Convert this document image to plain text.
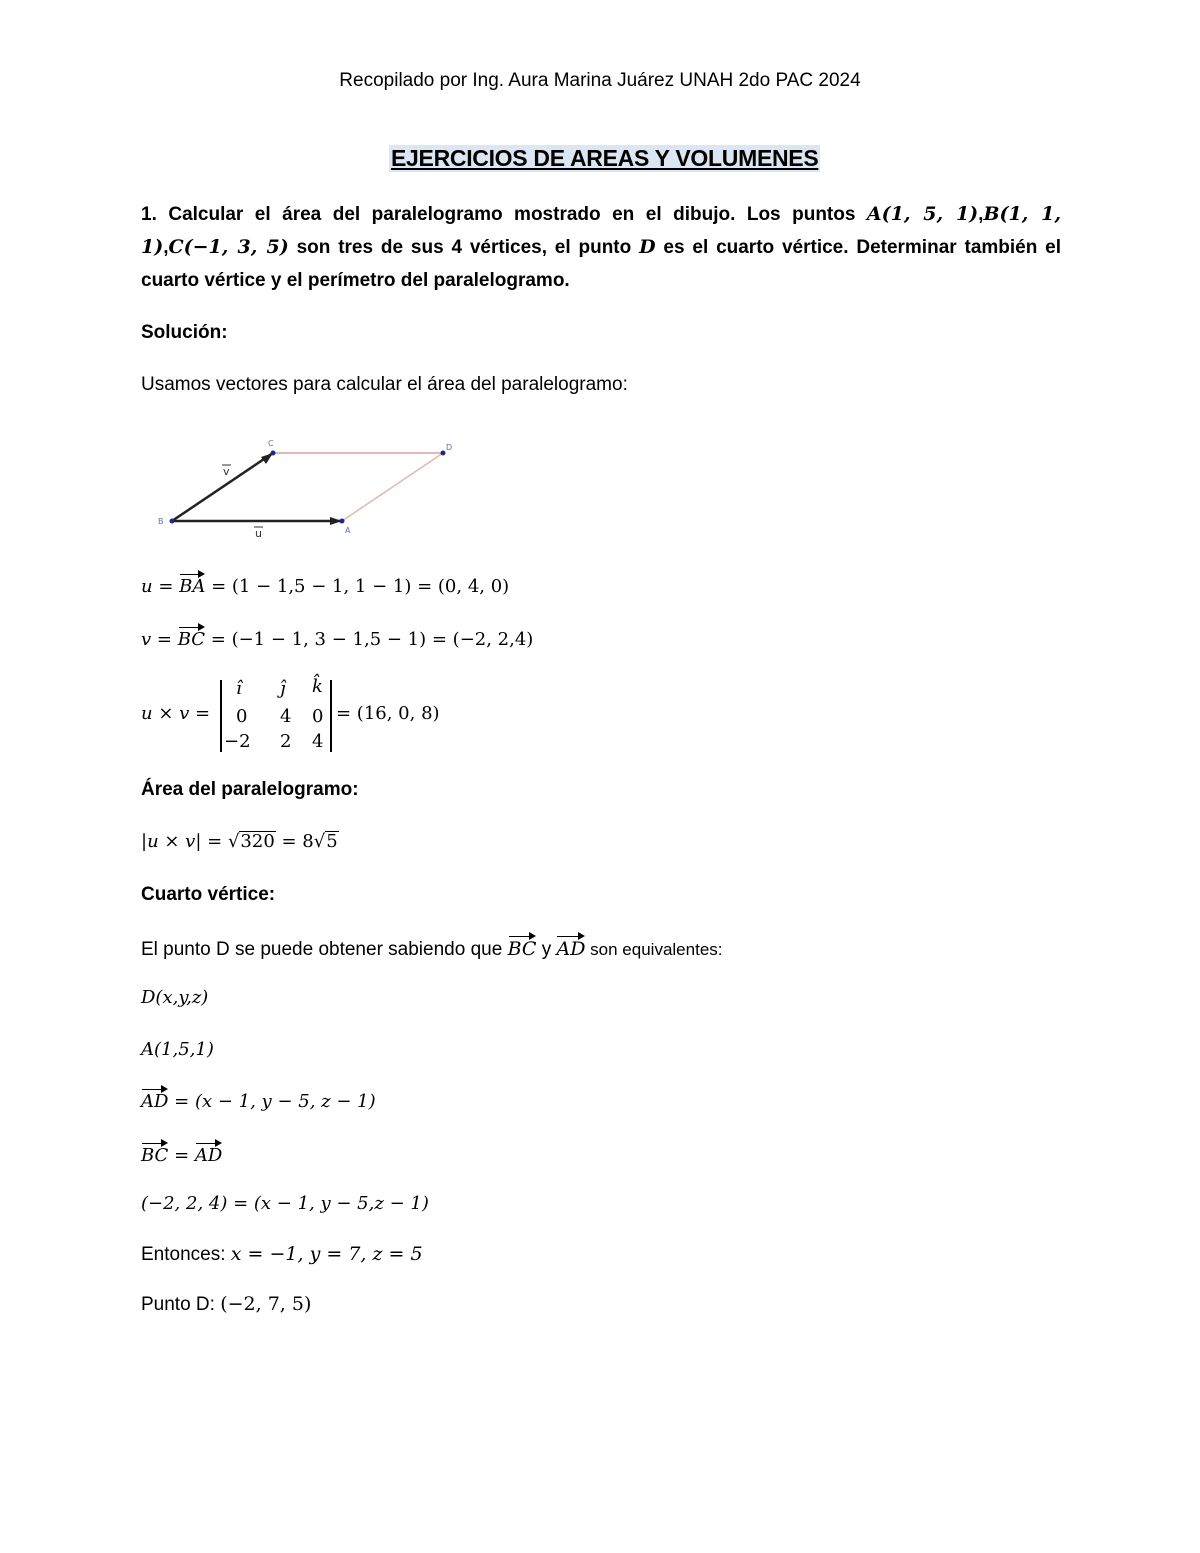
Recopilado por Ing. Aura Marina Juárez UNAH 2do PAC 2024
EJERCICIOS DE AREAS Y VOLUMENES
1. Calcular el área del paralelogramo mostrado en el dibujo. Los puntos A(1, 5, 1),B(1, 1, 1),C(−1, 3, 5) son tres de sus 4 vértices, el punto D es el cuarto vértice. Determinar también el cuarto vértice y el perímetro del paralelogramo.
Solución:
Usamos vectores para calcular el área del paralelogramo:
B
A
C	D
u
v
u = BA = (1 − 1,5 − 1, 1 − 1) = (0, 4, 0)
v = BC = (−1 − 1, 3 − 1,5 − 1) = (−2, 2,4)
u × v =
î ĵ k̂
0 4 0
−2 2 4
= (16, 0, 8)
Área del paralelogramo:
|u × v| = √320 = 8√5
Cuarto vértice:
El punto D se puede obtener sabiendo que BC y AD son equivalentes:
D(x,y,z)
A(1,5,1)
AD = (x − 1, y − 5, z − 1)
BC = AD
(−2, 2, 4) = (x − 1, y − 5,z − 1)
Entonces: x = −1, y = 7, z = 5
Punto D: (−2, 7, 5)
